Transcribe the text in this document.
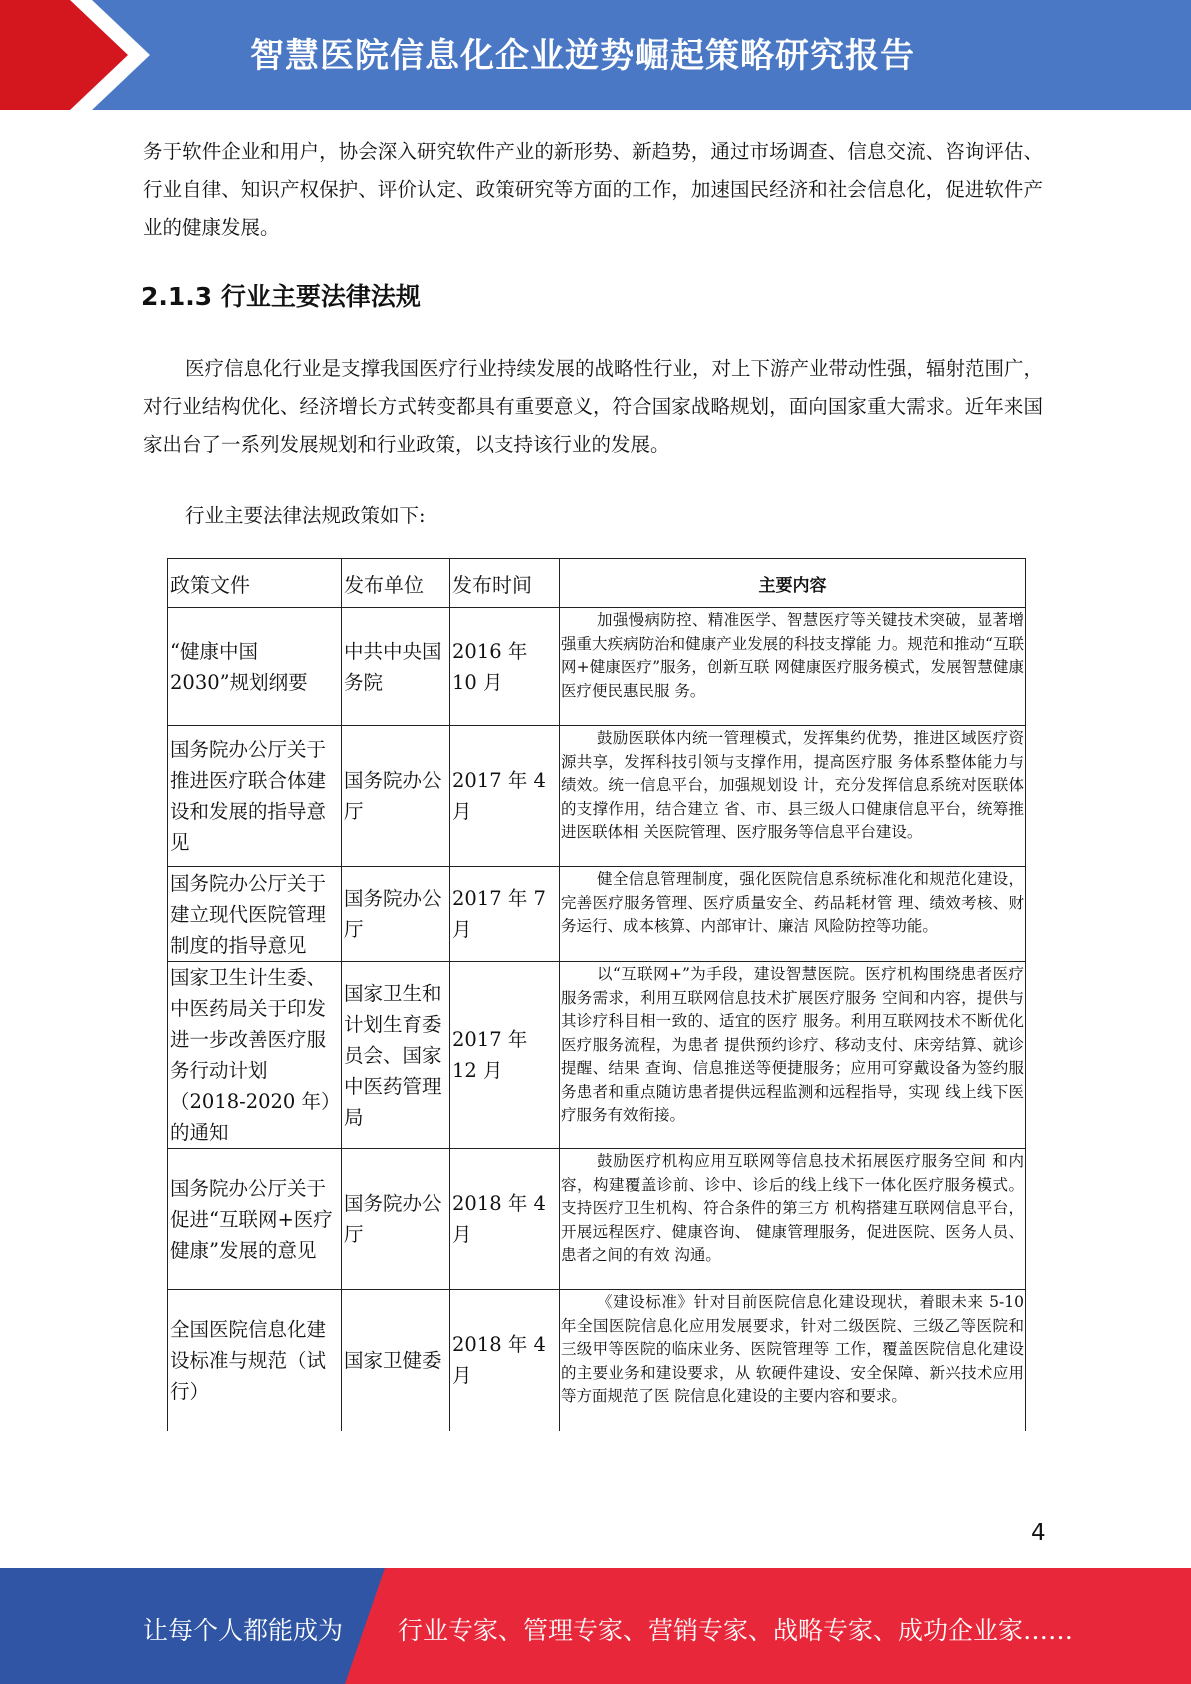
智慧医院信息化企业逆势崛起策略研究报告

务于软件企业和用户，协会深入研究软件产业的新形势、新趋势，通过市场调查、信息交流、咨询评估、行业自律、知识产权保护、评价认定、政策研究等方面的工作，加速国民经济和社会信息化，促进软件产业的健康发展。

2.1.3 行业主要法律法规

医疗信息化行业是支撑我国医疗行业持续发展的战略性行业，对上下游产业带动性强，辐射范围广，对行业结构优化、经济增长方式转变都具有重要意义，符合国家战略规划，面向国家重大需求。近年来国家出台了一系列发展规划和行业政策，以支持该行业的发展。

行业主要法律法规政策如下:

政策文件	发布单位	发布时间	主要内容
“健康中国 2030”规划纲要	中共中央国务院	2016 年 10 月	加强慢病防控、精准医学、智慧医疗等关键技术突破，显著增强重大疾病防治和健康产业发展的科技支撑能 力。规范和推动“互联网+健康医疗”服务，创新互联 网健康医疗服务模式，发展智慧健康医疗便民惠民服 务。

国务院办公厅关于推进医疗联合体建设和发展的指导意见	国务院办公厅	2017 年 4 月	鼓励医联体内统一管理模式，发挥集约优势，推进区域医疗资源共享，发挥科技引领与支撑作用，提高医疗服 务体系整体能力与绩效。统一信息平台，加强规划设 计，充分发挥信息系统对医联体的支撑作用，结合建立 省、市、县三级人口健康信息平台，统筹推进医联体相 关医院管理、医疗服务等信息平台建设。

国务院办公厅关于建立现代医院管理制度的指导意见	国务院办公厅	2017 年 7 月	健全信息管理制度，强化医院信息系统标准化和规范化建设，完善医疗服务管理、医疗质量安全、药品耗材管 理、绩效考核、财务运行、成本核算、内部审计、廉洁 风险防控等功能。

国家卫生计生委、中医药局关于印发进一步改善医疗服务行动计划（2018-2020 年）的通知	国家卫生和计划生育委员会、国家中医药管理局	2017 年 12 月	以“互联网+”为手段，建设智慧医院。医疗机构围绕患者医疗服务需求，利用互联网信息技术扩展医疗服务 空间和内容，提供与其诊疗科目相一致的、适宜的医疗 服务。利用互联网技术不断优化医疗服务流程，为患者 提供预约诊疗、移动支付、床旁结算、就诊提醒、结果 查询、信息推送等便捷服务；应用可穿戴设备为签约服 务患者和重点随访患者提供远程监测和远程指导，实现 线上线下医疗服务有效衔接。

国务院办公厅关于促进“互联网+医疗健康”发展的意见	国务院办公厅	2018 年 4 月	鼓励医疗机构应用互联网等信息技术拓展医疗服务空间 和内容，构建覆盖诊前、诊中、诊后的线上线下一体化医疗服务模式。支持医疗卫生机构、符合条件的第三方 机构搭建互联网信息平台，开展远程医疗、健康咨询、 健康管理服务，促进医院、医务人员、患者之间的有效 沟通。

全国医院信息化建设标准与规范（试行）	国家卫健委	2018 年 4 月	《建设标准》针对目前医院信息化建设现状，着眼未来 5-10 年全国医院信息化应用发展要求，针对二级医院、三级乙等医院和三级甲等医院的临床业务、医院管理等 工作，覆盖医院信息化建设的主要业务和建设要求，从 软硬件建设、安全保障、新兴技术应用等方面规范了医 院信息化建设的主要内容和要求。
4
让每个人都能成为 行业专家、管理专家、营销专家、战略专家、成功企业家……
